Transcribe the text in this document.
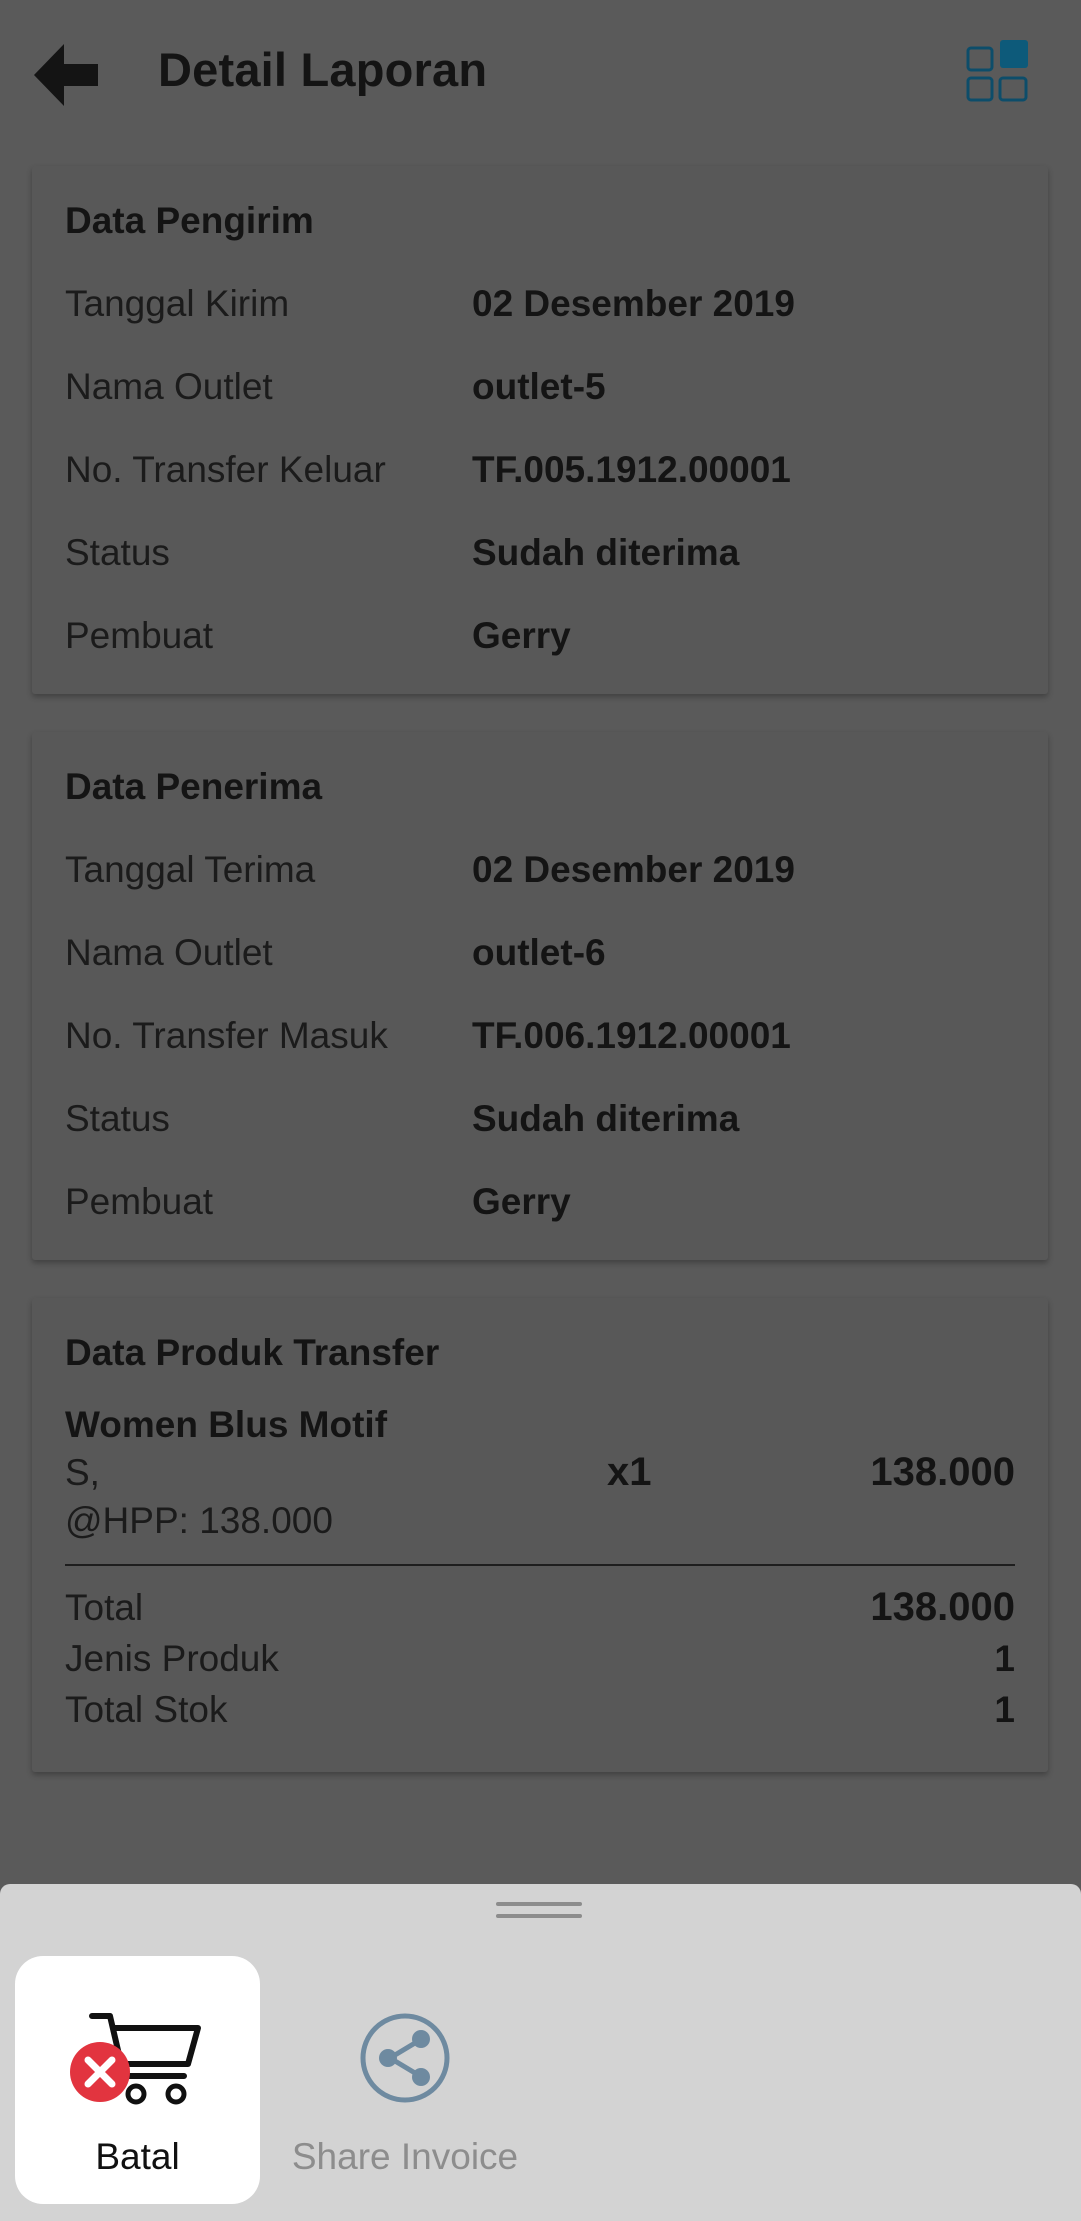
Detail Laporan
Data Pengirim
Tanggal Kirim	02 Desember 2019
Nama Outlet	outlet-5
No. Transfer Keluar TF.005.1912.00001
Status	Sudah diterima
Pembuat	Gerry
Data Penerima
Tanggal Terima	02 Desember 2019
Nama Outlet	outlet-6
No. Transfer Masuk TF.006.1912.00001
Status	Sudah diterima
Pembuat	Gerry
Data Produk Transfer
Women Blus Motif
S,
@HPP: 138.000
x1	138.000
Total	138.000
Jenis Produk	1
Total Stok	1
Batal	Share Invoice
